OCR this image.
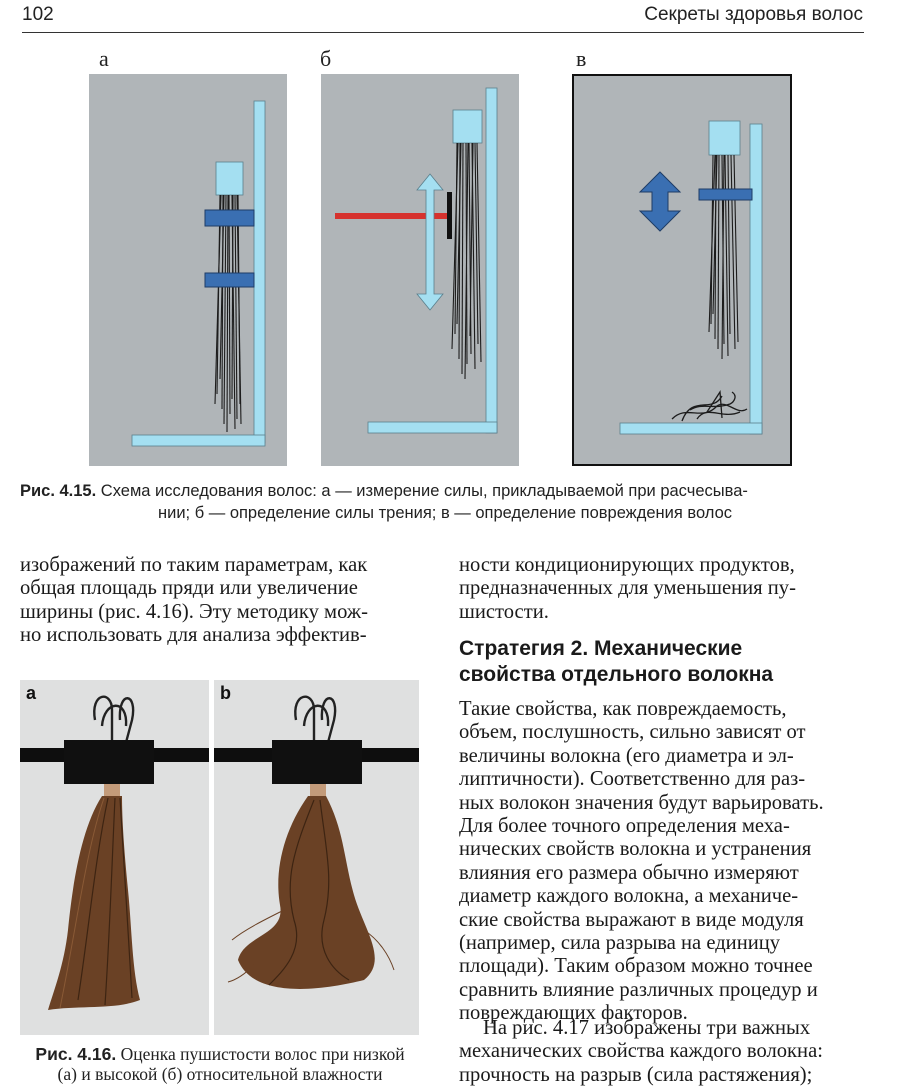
102	Секреты здоровья волос
а	б	в
Рис. 4.15. Схема исследования волос: а — измерение силы, прикладываемой при расчесыва-
нии; б — определение силы трения; в — определение повреждения волос

изображений по таким параметрам, как

общая площадь пряди или увеличение

ширины (рис. 4.16). Эту методику мож-

но использовать для анализа эффектив-

ности кондиционирующих продуктов,

предназначенных для уменьшения пу-

шистости.

Стратегия 2. Механические
свойства отдельного волокна

Такие свойства, как повреждаемость,

объем, послушность, сильно зависят от

величины волокна (его диаметра и эл-

липтичности). Соответственно для раз-

ных волокон значения будут варьировать.

Для более точного определения меха-

нических свойств волокна и устранения

влияния его размера обычно измеряют

диаметр каждого волокна, а механиче-

ские свойства выражают в виде модуля

(например, сила разрыва на единицу

площади). Таким образом можно точнее

сравнить влияние различных процедур и

повреждающих факторов.

На рис. 4.17 изображены три важных

механических свойства каждого волокна:

прочность на разрыв (сила растяжения);

a	b
Рис. 4.16. Оценка пушистости волос при низкой
(а) и высокой (б) относительной влажности
